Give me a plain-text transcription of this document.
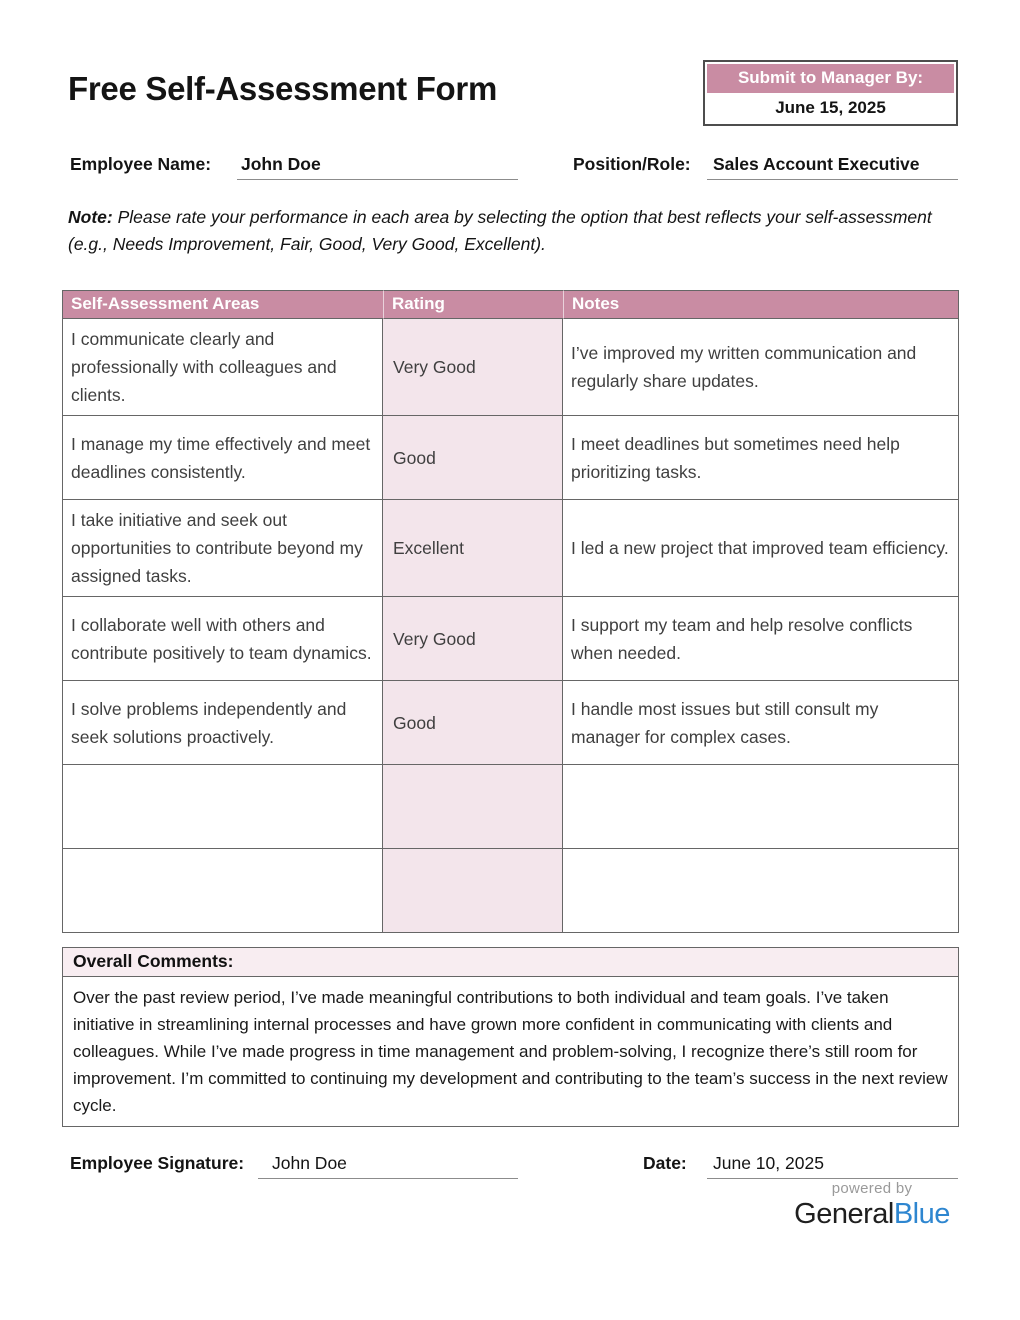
Free Self-Assessment Form	Submit to Manager By:
June 15, 2025
Employee Name: John Doe	Position/Role:	Sales Account Executive
Note: Please rate your performance in each area by selecting the option that best reflects your self-assessment (e.g., Needs Improvement, Fair, Good, Very Good, Excellent).
Self-Assessment Areas	Rating	Notes
I communicate clearly and professionally with colleagues and clients.	Very Good	I’ve improved my written communication and regularly share updates.
I manage my time effectively and meet deadlines consistently.	Good	I meet deadlines but sometimes need help prioritizing tasks.
I take initiative and seek out opportunities to contribute beyond my assigned tasks.	Excellent	I led a new project that improved team efficiency.
I collaborate well with others and contribute positively to team dynamics.	Very Good	I support my team and help resolve conflicts when needed.
I solve problems independently and seek solutions proactively.	Good	I handle most issues but still consult my manager for complex cases.

Overall Comments:
Over the past review period, I’ve made meaningful contributions to both individual and team goals. I’ve taken initiative in streamlining internal processes and have grown more confident in communicating with clients and colleagues. While I’ve made progress in time management and problem-solving, I recognize there’s still room for improvement. I’m committed to continuing my development and contributing to the team’s success in the next review cycle.
Employee Signature:	John Doe	Date:	June 10, 2025
powered by
GeneralBlue
